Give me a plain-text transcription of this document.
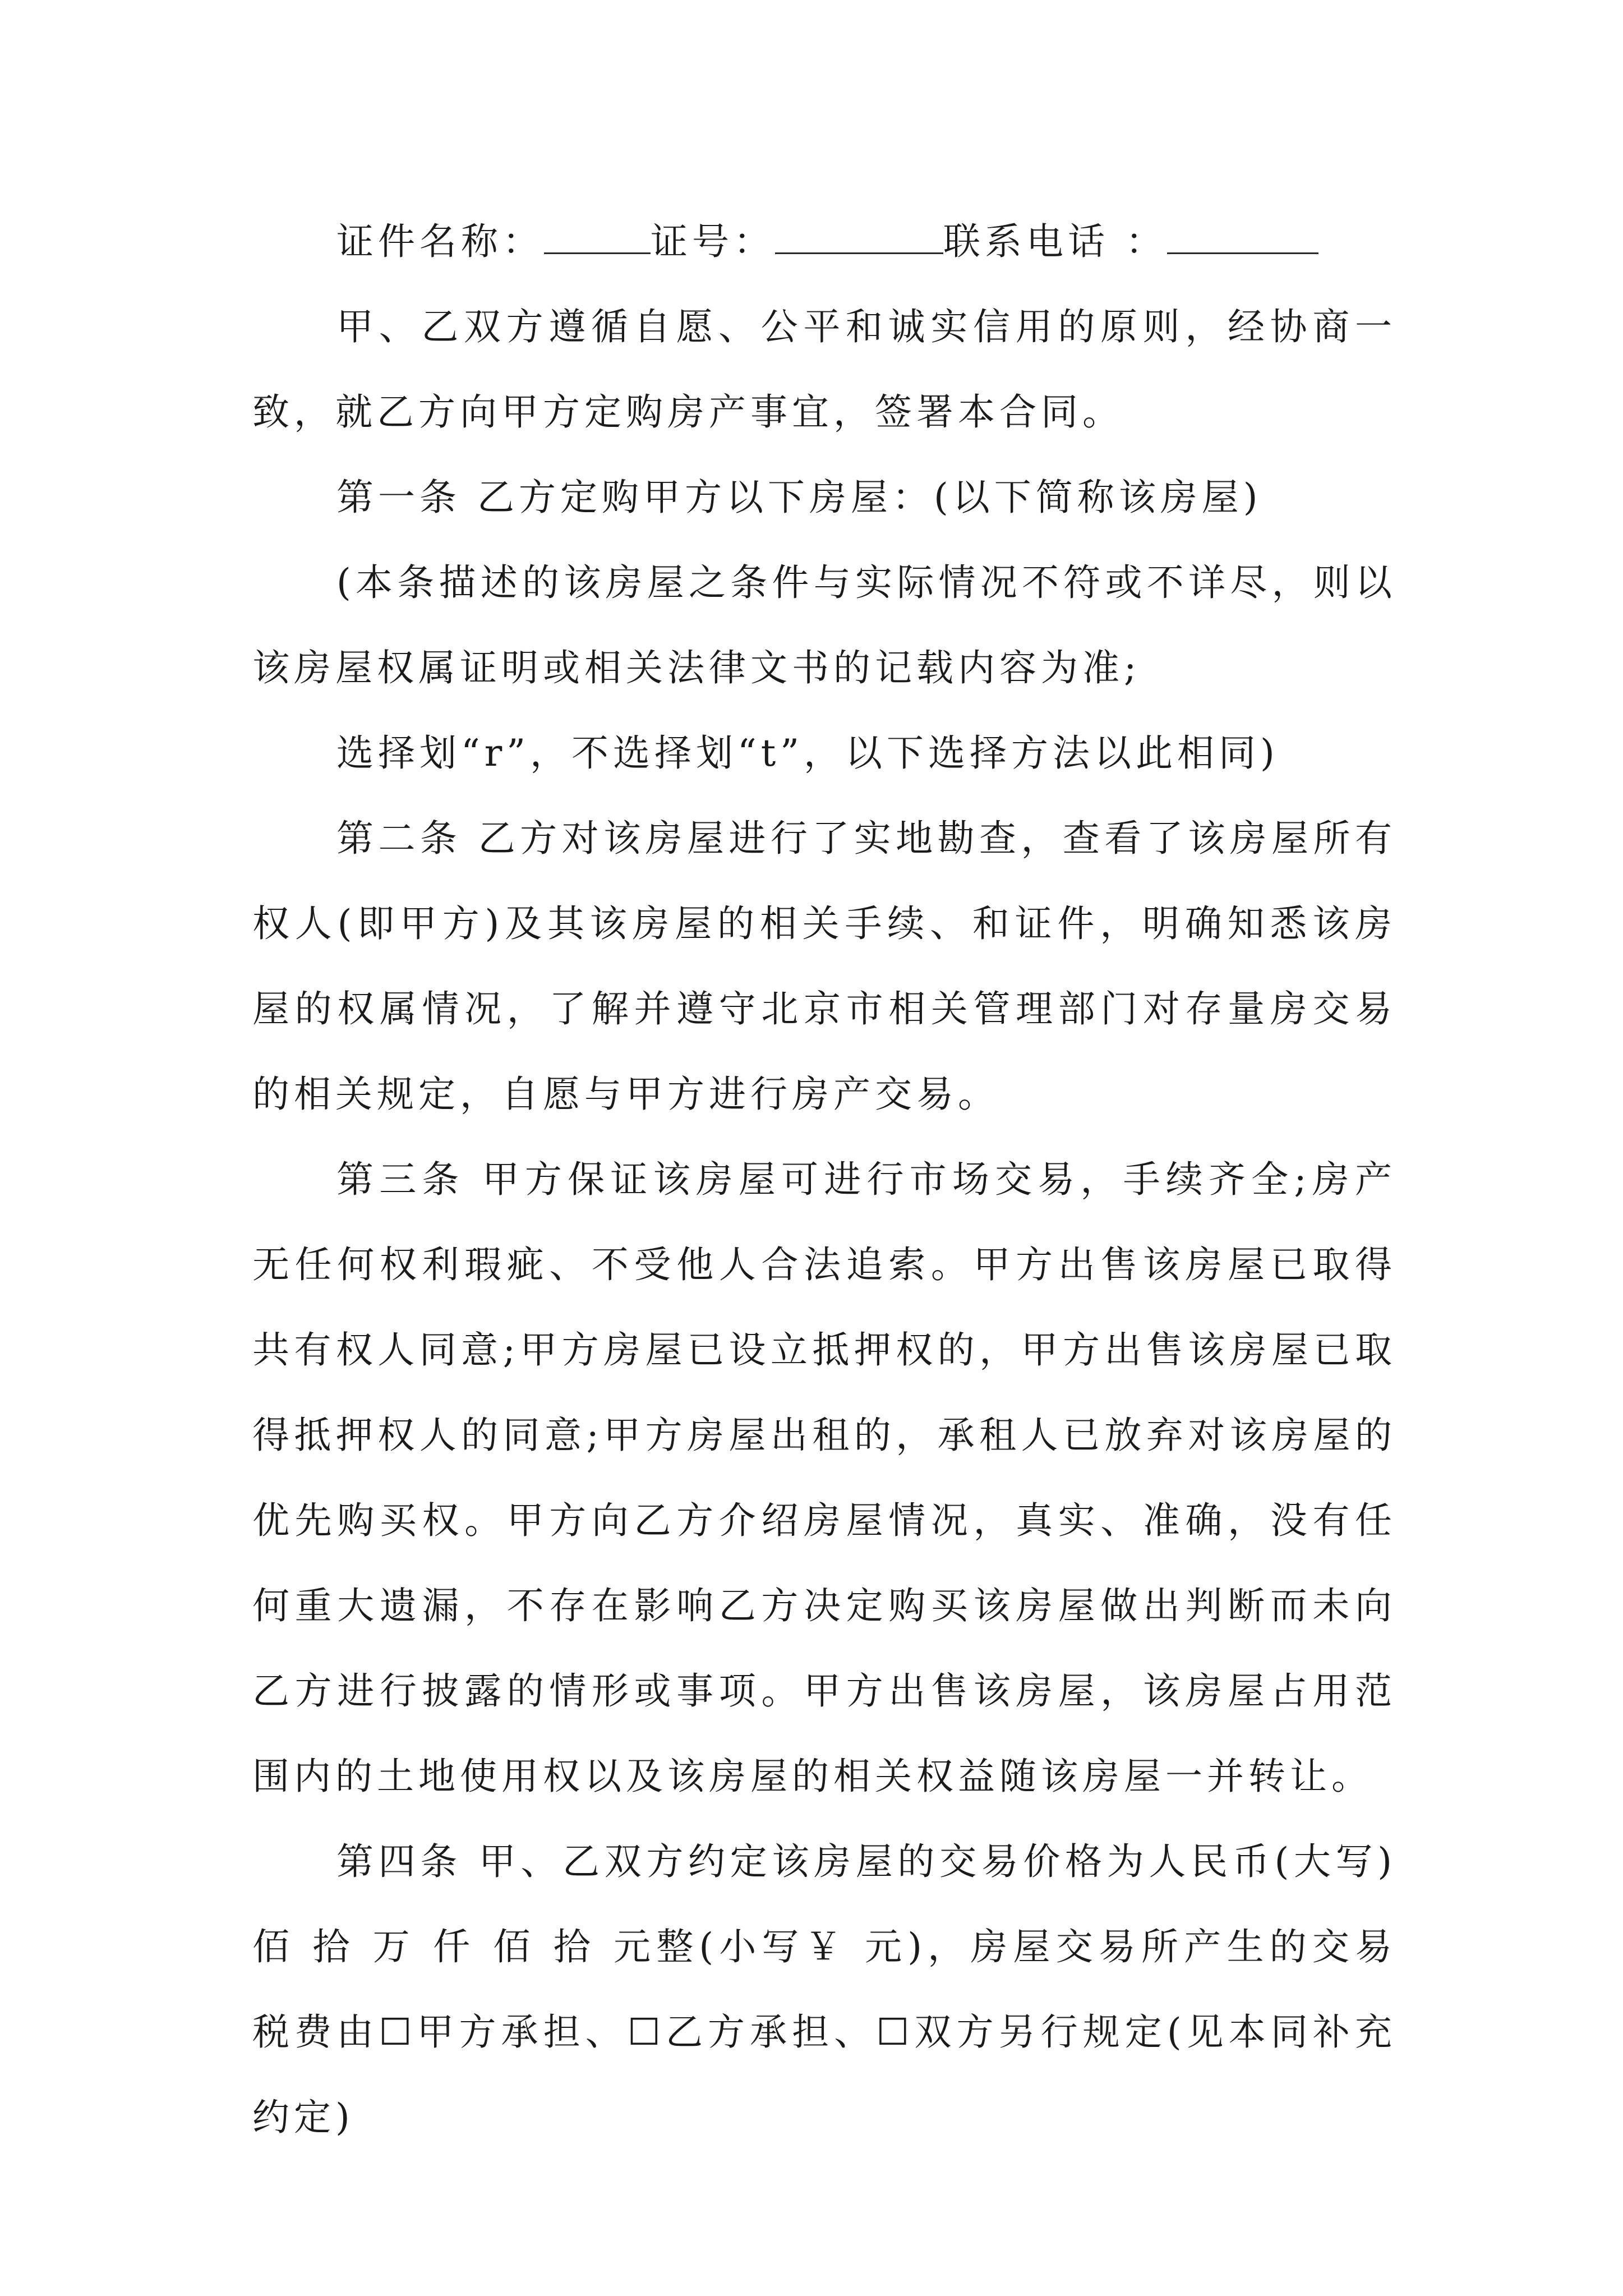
证件名称：	证号：	联系电话 ：

甲、乙双方遵循自愿、公平和诚实信用的原则，经协商一致，就乙方向甲方定购房产事宜，签署本合同。

第一条 乙方定购甲方以下房屋：(以下简称该房屋)

(本条描述的该房屋之条件与实际情况不符或不详尽，则以该房屋权属证明或相关法律文书的记载内容为准;

选择划“r”，不选择划“t”，以下选择方法以此相同)

第二条 乙方对该房屋进行了实地勘查，查看了该房屋所有权人(即甲方)及其该房屋的相关手续、和证件，明确知悉该房屋的权属情况，了解并遵守北京市相关管理部门对存量房交易的相关规定，自愿与甲方进行房产交易。

第三条 甲方保证该房屋可进行市场交易，手续齐全;房产无任何权利瑕疵、不受他人合法追索。甲方出售该房屋已取得共有权人同意;甲方房屋已设立抵押权的，甲方出售该房屋已取得抵押权人的同意;甲方房屋出租的，承租人已放弃对该房屋的优先购买权。甲方向乙方介绍房屋情况，真实、准确，没有任何重大遗漏，不存在影响乙方决定购买该房屋做出判断而未向乙方进行披露的情形或事项。甲方出售该房屋，该房屋占用范围内的土地使用权以及该房屋的相关权益随该房屋一并转让。

第四条 甲、乙双方约定该房屋的交易价格为人民币(大写) 佰 拾 万 仟 佰 拾 元整(小写￥ 元)，房屋交易所产生的交易税费由☐甲方承担、☐乙方承担、☐双方另行规定(见本同补充约定)
